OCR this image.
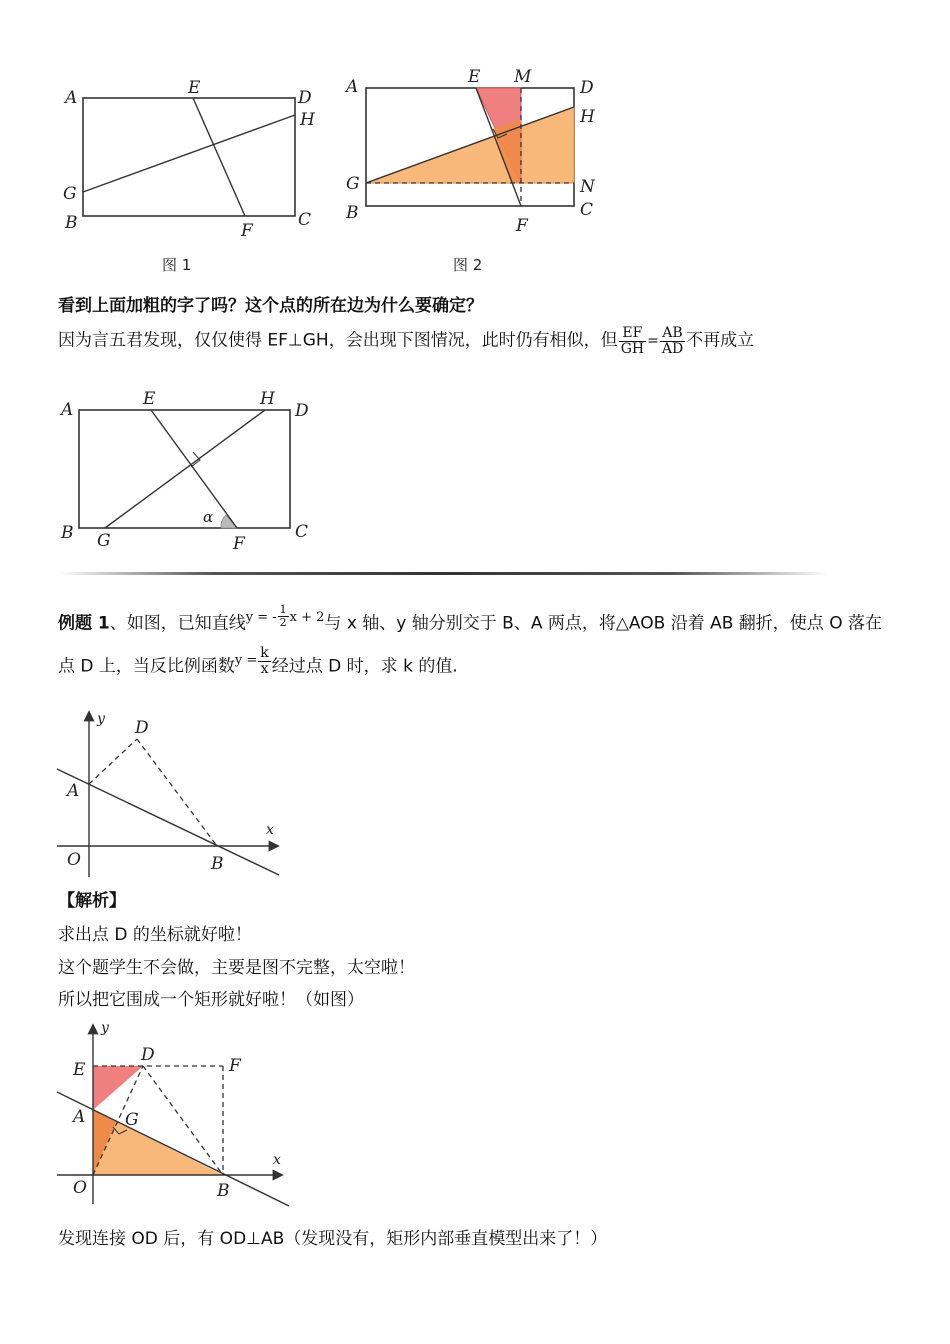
A	E	D
H
G
B	F
C
图 1
A	E M
D
H
G	N
B	C
F
图 2
看到上面加粗的字了吗？这个点的所在边为什么要确定？
因为言五君发现，仅仅使得 EF⊥GH，会出现下图情况，此时仍有相似，但 $\frac{EF}{GH} = \frac{AB}{AD}$ 不再成立
A
E	H
D
α
B G	F
C
例题 1、如图，已知直线$^{y = -} \frac{1}{2} ^{x + 2}$与 x 轴、y 轴分别交于 B、A 两点，将△AOB 沿着 AB 翻折，使点 O 落在
点 D 上，当反比例函数$^{y =} \frac{k}{x}$ 经过点 D 时，求 k 的值.
y D
A
x
O	B
【解析】
求出点 D 的坐标就好啦！
这个题学生不会做，主要是图不完整，太空啦！
所以把它围成一个矩形就好啦！（如图）
y
E
D
F
G
A
x
O	B
发现连接 OD 后，有 OD⊥AB（发现没有，矩形内部垂直模型出来了！）
